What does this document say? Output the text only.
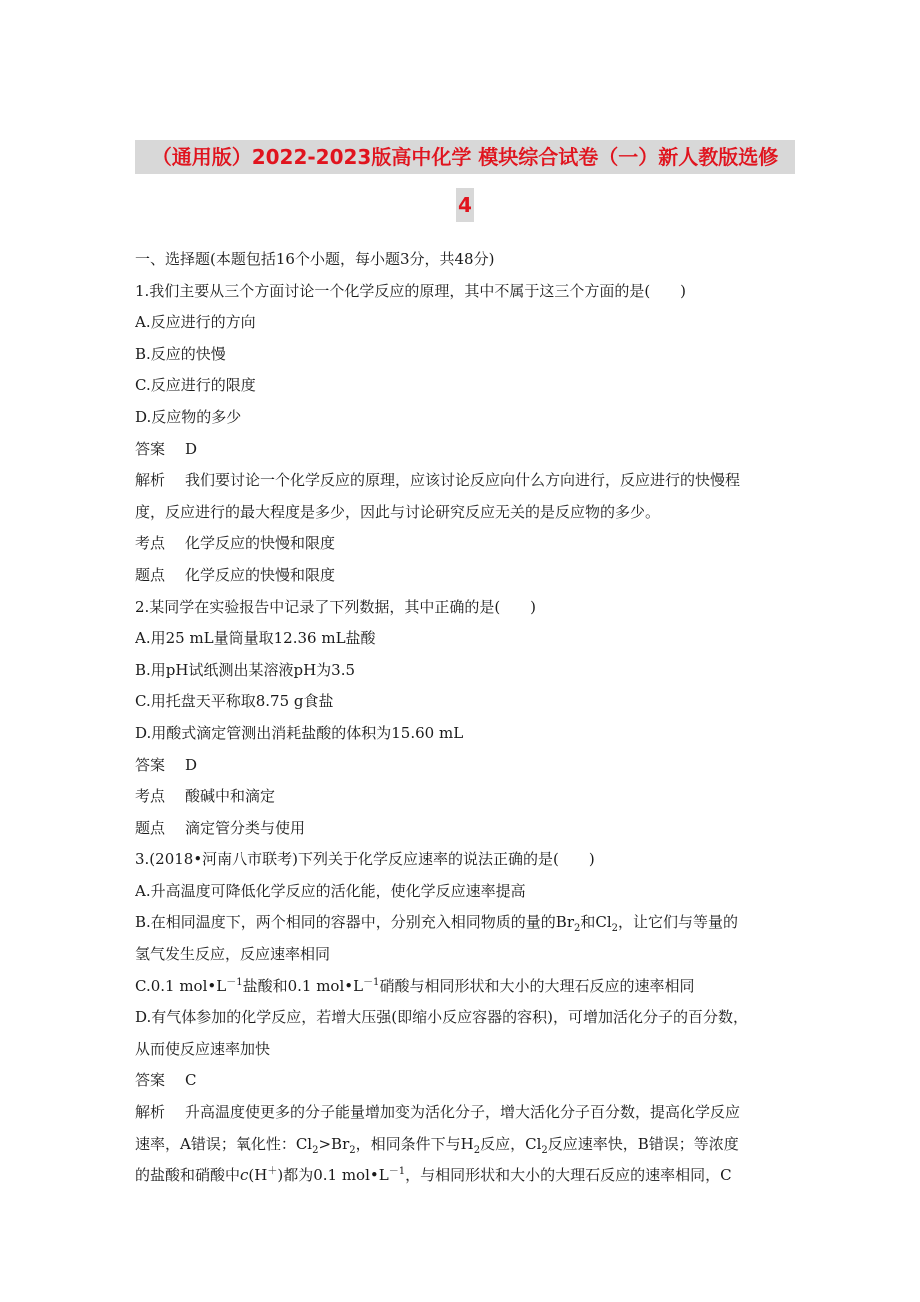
（通用版）2022-2023版高中化学 模块综合试卷（一）新人教版选修
4
一、选择题(本题包括16个小题，每小题3分，共48分)
1.我们主要从三个方面讨论一个化学反应的原理，其中不属于这三个方面的是(　　)
A.反应进行的方向
B.反应的快慢
C.反应进行的限度
D.反应物的多少
答案 D
解析 我们要讨论一个化学反应的原理，应该讨论反应向什么方向进行，反应进行的快慢程
度，反应进行的最大程度是多少，因此与讨论研究反应无关的是反应物的多少。
考点 化学反应的快慢和限度
题点 化学反应的快慢和限度
2.某同学在实验报告中记录了下列数据，其中正确的是(　　)
A.用25 mL量筒量取12.36 mL盐酸
B.用pH试纸测出某溶液pH为3.5
C.用托盘天平称取8.75 g食盐
D.用酸式滴定管测出消耗盐酸的体积为15.60 mL
答案 D
考点 酸碱中和滴定
题点 滴定管分类与使用
3.(2018•河南八市联考)下列关于化学反应速率的说法正确的是(　　)
A.升高温度可降低化学反应的活化能，使化学反应速率提高
B.在相同温度下，两个相同的容器中，分别充入相同物质的量的$Br_2$和$Cl_2$，让它们与等量的
氢气发生反应，反应速率相同
C.0.1 $mol•L^{-1}$盐酸和0.1 $mol•L^{-1}$硝酸与相同形状和大小的大理石反应的速率相同
D.有气体参加的化学反应，若增大压强(即缩小反应容器的容积)，可增加活化分子的百分数，
从而使反应速率加快
答案 C
解析 升高温度使更多的分子能量增加变为活化分子，增大活化分子百分数，提高化学反应
速率，A错误；氧化性：$Cl_2>Br_2$，相同条件下与$H_2$反应，$Cl_2$反应速率快，B错误；等浓度
的盐酸和硝酸中c(H＋)都为0.1 $mol•L^{-1}$，与相同形状和大小的大理石反应的速率相同，C
